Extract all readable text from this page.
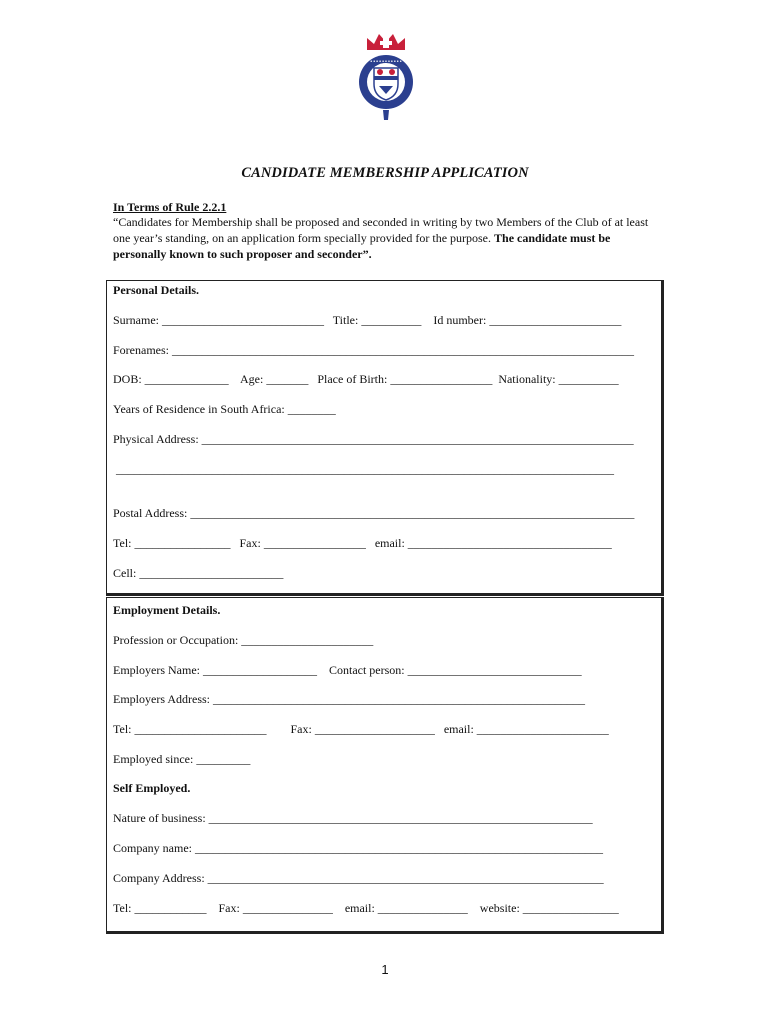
•••••••••••
CANDIDATE MEMBERSHIP APPLICATION
In Terms of Rule 2.2.1
“Candidates for Membership shall be proposed and seconded in writing by two Members of the Club of at least one year’s standing, on an application form specially provided for the purpose. The candidate must be personally known to such proposer and seconder”.
Personal Details.
Surname: ___________________________   Title: __________    Id number: ______________________
Forenames: _____________________________________________________________________________
DOB: ______________    Age: _______   Place of Birth: _________________  Nationality: __________
Years of Residence in South Africa: ________
Physical Address: ________________________________________________________________________
___________________________________________________________________________________
Postal Address: __________________________________________________________________________
Tel: ________________   Fax: _________________   email: __________________________________
Cell: ________________________
Employment Details.
Profession or Occupation: ______________________
Employers Name: ___________________    Contact person: _____________________________
Employers Address: ______________________________________________________________
Tel: ______________________        Fax: ____________________   email: ______________________
Employed since: _________
Self Employed.
Nature of business: ________________________________________________________________
Company name: ____________________________________________________________________
Company Address: __________________________________________________________________
Tel: ____________    Fax: _______________    email: _______________    website: ________________
1
